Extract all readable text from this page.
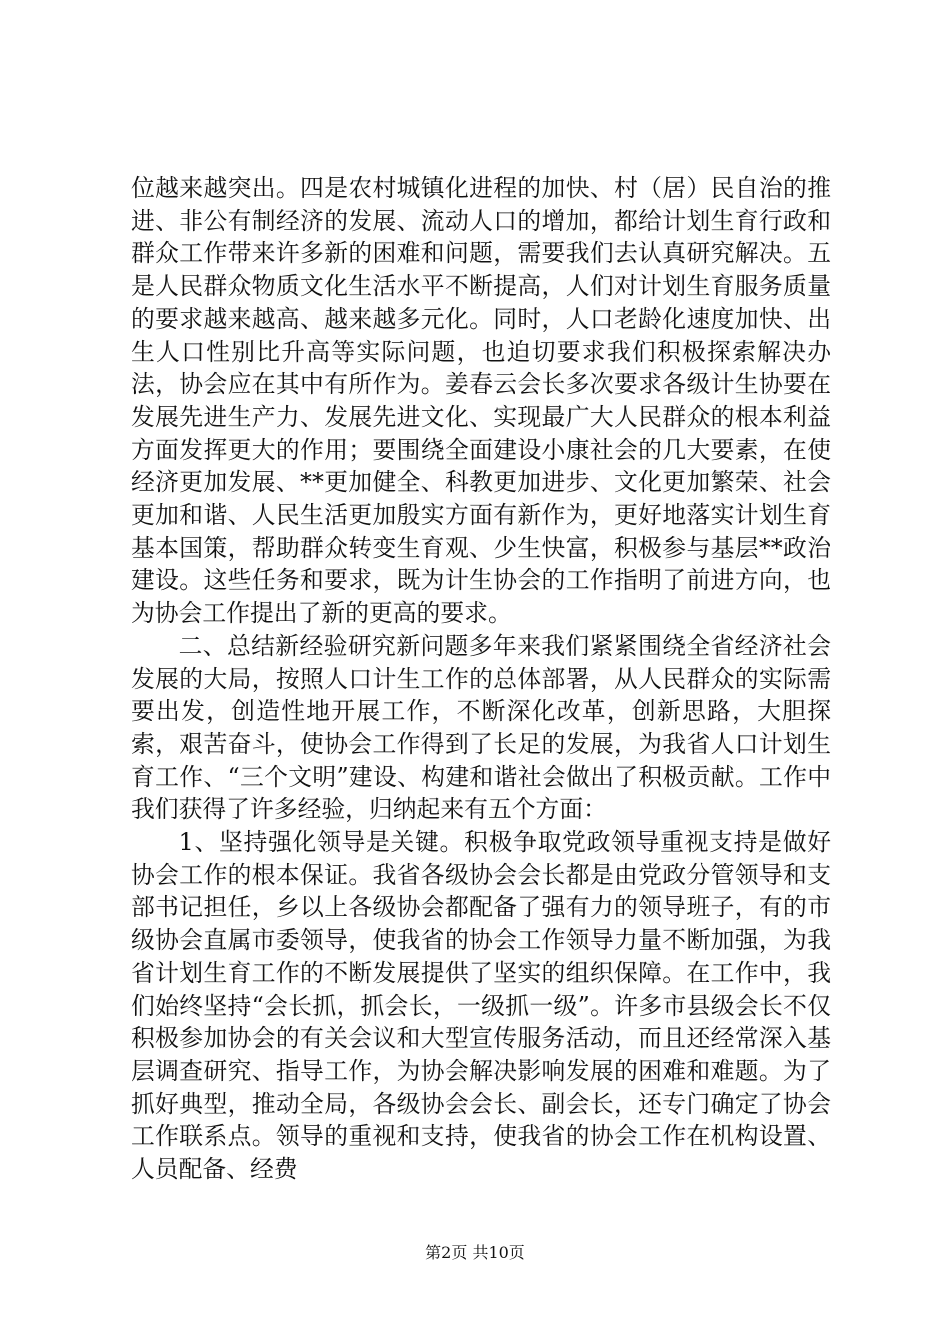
位越来越突出。四是农村城镇化进程的加快、村（居）民自治的推进、非公有制经济的发展、流动人口的增加，都给计划生育行政和群众工作带来许多新的困难和问题，需要我们去认真研究解决。五是人民群众物质文化生活水平不断提高，人们对计划生育服务质量的要求越来越高、越来越多元化。同时，人口老龄化速度加快、出生人口性别比升高等实际问题，也迫切要求我们积极探索解决办法，协会应在其中有所作为。姜春云会长多次要求各级计生协要在发展先进生产力、发展先进文化、实现最广大人民群众的根本利益方面发挥更大的作用；要围绕全面建设小康社会的几大要素，在使经济更加发展、**更加健全、科教更加进步、文化更加繁荣、社会更加和谐、人民生活更加殷实方面有新作为，更好地落实计划生育基本国策，帮助群众转变生育观、少生快富，积极参与基层**政治建设。这些任务和要求，既为计生协会的工作指明了前进方向，也为协会工作提出了新的更高的要求。

二、总结新经验研究新问题多年来我们紧紧围绕全省经济社会发展的大局，按照人口计生工作的总体部署，从人民群众的实际需要出发，创造性地开展工作，不断深化改革，创新思路，大胆探索，艰苦奋斗，使协会工作得到了长足的发展，为我省人口计划生育工作、“三个文明”建设、构建和谐社会做出了积极贡献。工作中我们获得了许多经验，归纳起来有五个方面：

1、坚持强化领导是关键。积极争取党政领导重视支持是做好协会工作的根本保证。我省各级协会会长都是由党政分管领导和支部书记担任，乡以上各级协会都配备了强有力的领导班子，有的市级协会直属市委领导，使我省的协会工作领导力量不断加强，为我省计划生育工作的不断发展提供了坚实的组织保障。在工作中，我们始终坚持“会长抓，抓会长，一级抓一级”。许多市县级会长不仅积极参加协会的有关会议和大型宣传服务活动，而且还经常深入基层调查研究、指导工作，为协会解决影响发展的困难和难题。为了抓好典型，推动全局，各级协会会长、副会长，还专门确定了协会工作联系点。领导的重视和支持，使我省的协会工作在机构设置、人员配备、经费

第2页 共10页
